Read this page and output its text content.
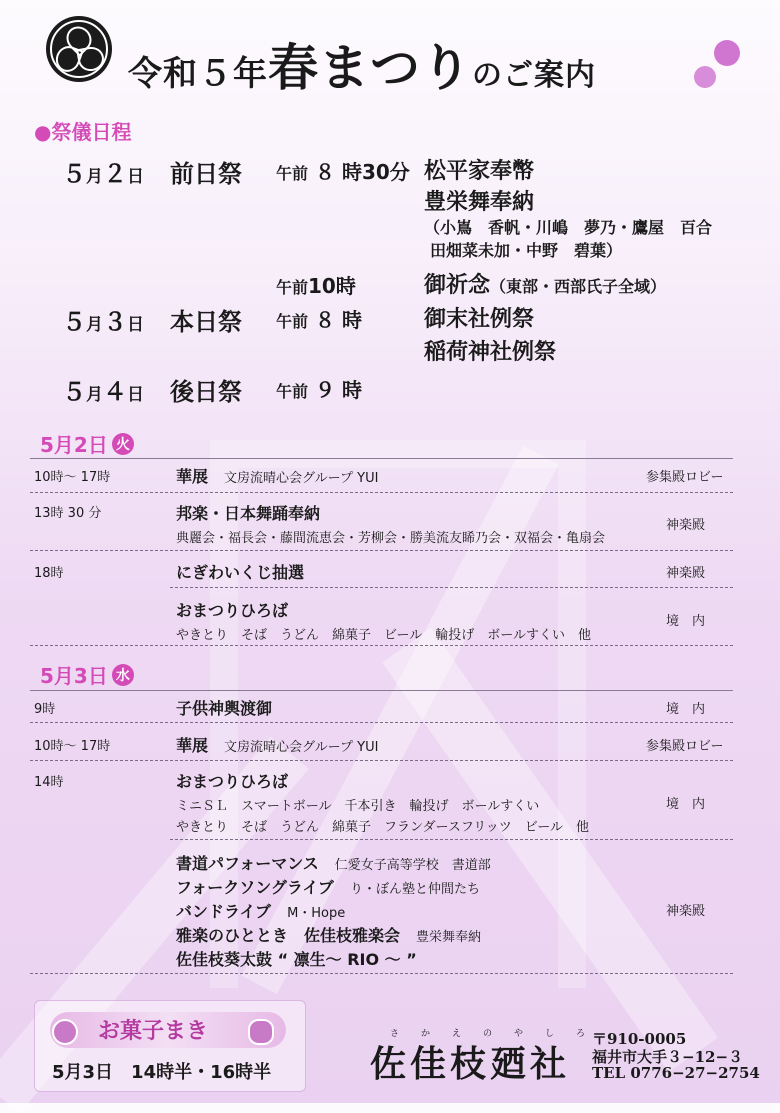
令和５年春まつりのご案内
●祭儀日程
５月２日 前日祭 午前 ８ 時30分 松平家奉幣
豊栄舞奉納
（小嶌　香帆・川嶋　夢乃・鷹屋　百合
田畑菜未加・中野　碧葉）
午前10時	御祈念（東部・西部氏子全域）
５月３日 本日祭 午前 ８ 時	御末社例祭
稲荷神社例祭
５月４日 後日祭 午前 ９ 時
5月2日 火
10時～ 17時	華展　 文房流晴心会グループ YUI	参集殿ロビー
13時 30 分	邦楽・日本舞踊奉納
典麗会・福長会・藤間流恵会・芳柳会・勝美流友睎乃会・双福会・亀扇会
神楽殿
18時	にぎわいくじ抽選	神楽殿
おまつりひろば
やきとり　そば　うどん　綿菓子　ビール　輪投げ　ボールすくい　他
境　内
5月3日 水
9時	子供神輿渡御	境　内
10時～ 17時	華展　 文房流晴心会グループ YUI	参集殿ロビー
14時	おまつりひろば
ミニＳＬ　スマートボール　千本引き　輪投げ　ボールすくい
やきとり　そば　うどん　綿菓子　フランダースフリッツ　ビール　他
境　内
書道パフォーマンス　 仁愛女子高等学校　書道部
フォークソングライブ　 り・ぼん塾と仲間たち
バンドライブ　 M・Hope
雅楽のひととき　佐佳枝雅楽会　 豊栄舞奉納
佐佳枝葵太鼓 “ 凛生～ RIO ～ ”
神楽殿
お菓子まき
5月3日　14時半・16時半
さかえのやしろ
佐佳枝廼社
〒910-0005
福井市大手３−12−３
TEL 0776−27−2754
